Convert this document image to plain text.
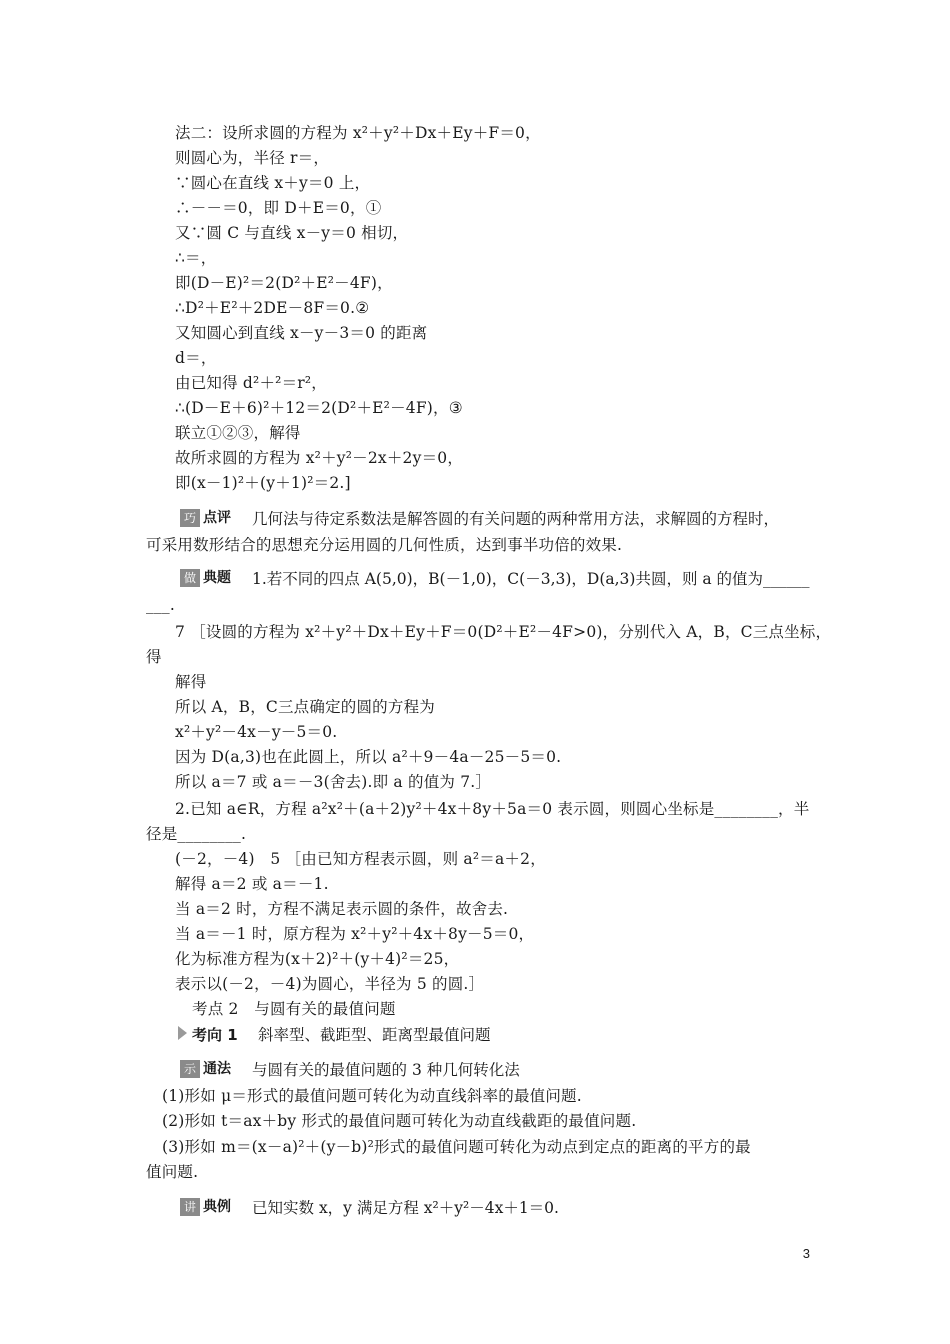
法二：设所求圆的方程为 x²＋y²＋Dx＋Ey＋F＝0，
则圆心为，半径 r＝，
∵圆心在直线 x＋y＝0 上，
∴－－＝0，即 D＋E＝0，①
又∵圆 C 与直线 x－y＝0 相切，
∴＝，
即(D－E)²＝2(D²＋E²－4F)，
∴D²＋E²＋2DE－8F＝0.②
又知圆心到直线 x－y－3＝0 的距离
d＝，
由已知得 d²＋²＝r²，
∴(D－E＋6)²＋12＝2(D²＋E²－4F)，③
联立①②③，解得
故所求圆的方程为 x²＋y²－2x＋2y＝0，
即(x－1)²＋(y＋1)²＝2.]
巧 点评 几何法与待定系数法是解答圆的有关问题的两种常用方法，求解圆的方程时，
可采用数形结合的思想充分运用圆的几何性质，达到事半功倍的效果.
做 典题 1.若不同的四点 A(5,0)，B(－1,0)，C(－3,3)，D(a,3)共圆，则 a 的值为______
___.
7 ［设圆的方程为 x²＋y²＋Dx＋Ey＋F＝0(D²＋E²－4F>0)，分别代入 A，B，C三点坐标，
得
解得
所以 A，B，C三点确定的圆的方程为
x²＋y²－4x－y－5＝0.
因为 D(a,3)也在此圆上，所以 a²＋9－4a－25－5＝0.
所以 a＝7 或 a＝－3(舍去).即 a 的值为 7.］
2.已知 a∈R，方程 a²x²＋(a＋2)y²＋4x＋8y＋5a＝0 表示圆，则圆心坐标是________，半
径是________.
(－2，－4)　5 ［由已知方程表示圆，则 a²＝a＋2，
解得 a＝2 或 a＝－1.
当 a＝2 时，方程不满足表示圆的条件，故舍去.
当 a＝－1 时，原方程为 x²＋y²＋4x＋8y－5＝0，
化为标准方程为(x＋2)²＋(y＋4)²＝25，
表示以(－2，－4)为圆心，半径为 5 的圆.］
考点 2　与圆有关的最值问题
考向 1 斜率型、截距型、距离型最值问题
示 通法 与圆有关的最值问题的 3 种几何转化法
(1)形如 μ＝形式的最值问题可转化为动直线斜率的最值问题.
(2)形如 t＝ax＋by 形式的最值问题可转化为动直线截距的最值问题.
(3)形如 m＝(x－a)²＋(y－b)²形式的最值问题可转化为动点到定点的距离的平方的最
值问题.
讲 典例 已知实数 x，y 满足方程 x²＋y²－4x＋1＝0.
3
